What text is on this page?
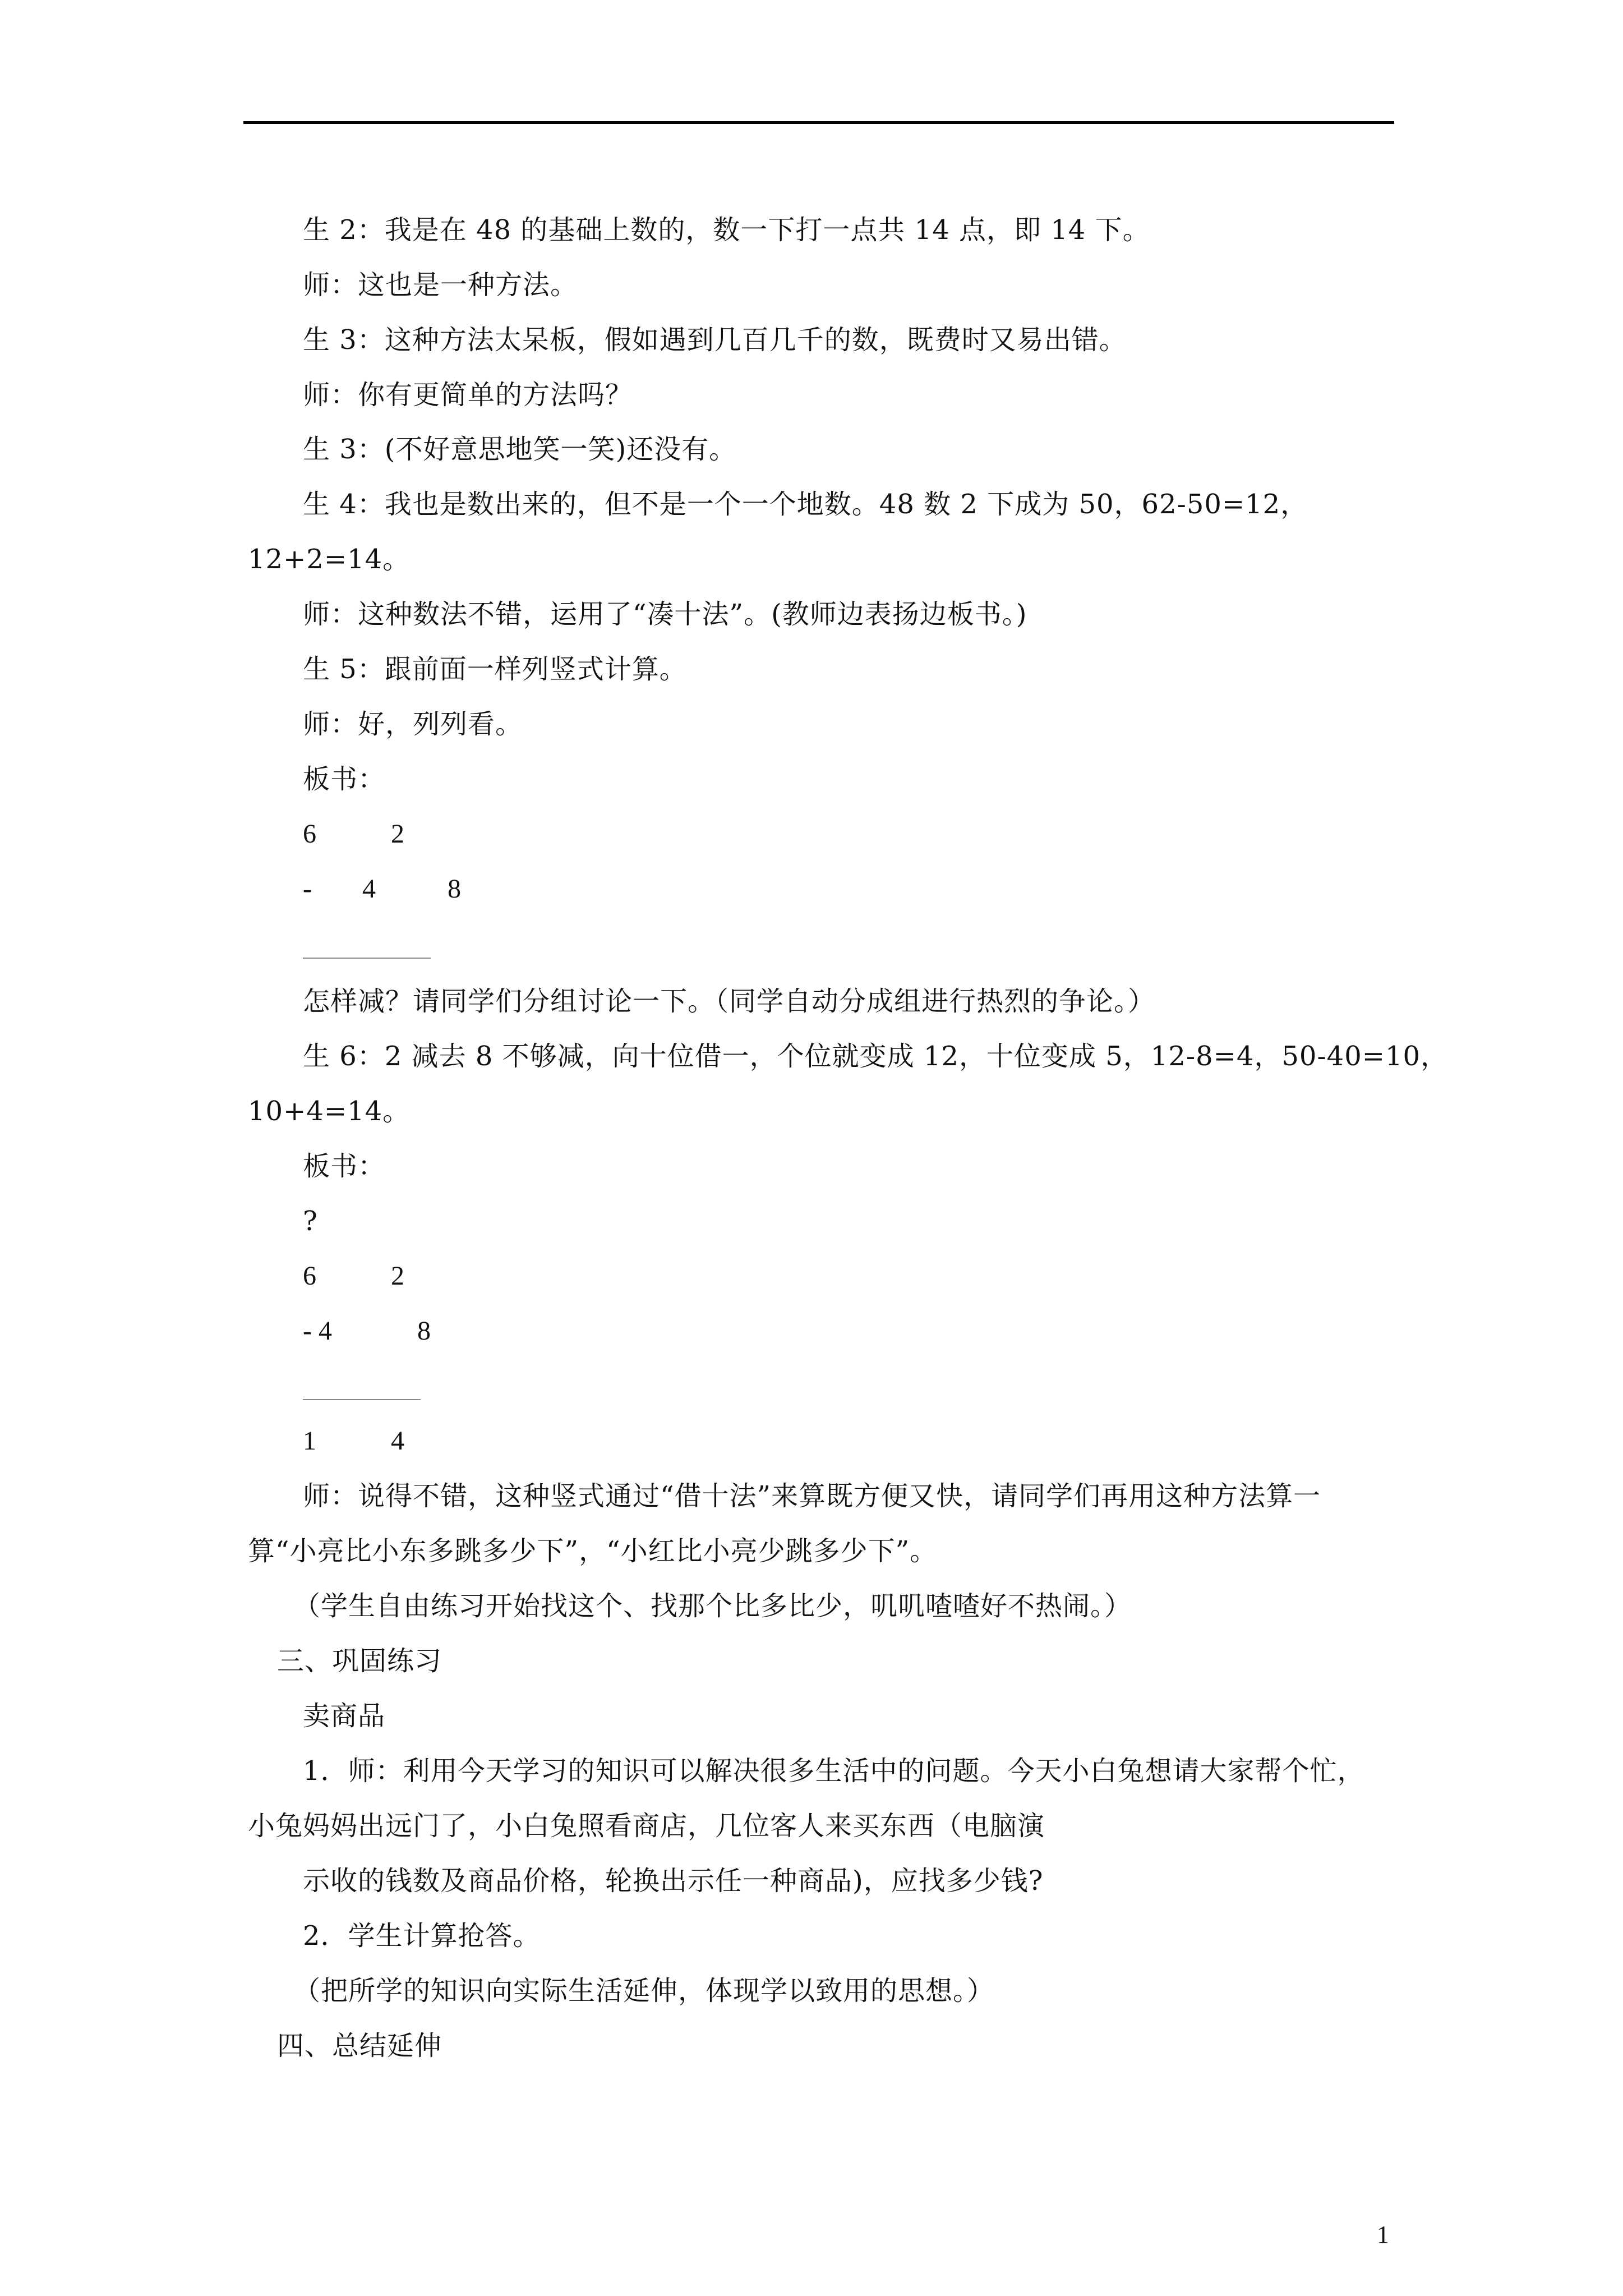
生 2：我是在 48 的基础上数的，数一下打一点共 14 点，即 14 下。
师：这也是一种方法。
生 3：这种方法太呆板，假如遇到几百几千的数，既费时又易出错。
师：你有更简单的方法吗？
生 3：(不好意思地笑一笑)还没有。
生 4：我也是数出来的，但不是一个一个地数。48 数 2 下成为 50，62-50=12，
12+2=14。
师：这种数法不错，运用了“凑十法”。(教师边表扬边板书。)
生 5：跟前面一样列竖式计算。
师：好，列列看。
板书：
6	2
- 4	8
怎样减？请同学们分组讨论一下。（同学自动分成组进行热烈的争论。）
生 6：2 减去 8 不够减，向十位借一，个位就变成 12，十位变成 5，12-8=4，50-40=10，
10+4=14。
板书：
?
6	2
- 4	8
1	4
师：说得不错，这种竖式通过“借十法”来算既方便又快，请同学们再用这种方法算一
算“小亮比小东多跳多少下”，“小红比小亮少跳多少下”。
（学生自由练习开始找这个、找那个比多比少，叽叽喳喳好不热闹。）
三、巩固练习
卖商品
1．师：利用今天学习的知识可以解决很多生活中的问题。今天小白兔想请大家帮个忙，
小兔妈妈出远门了，小白兔照看商店，几位客人来买东西（电脑演
示收的钱数及商品价格，轮换出示任一种商品)，应找多少钱?
2．学生计算抢答。
（把所学的知识向实际生活延伸，体现学以致用的思想。）
四、总结延伸
1
